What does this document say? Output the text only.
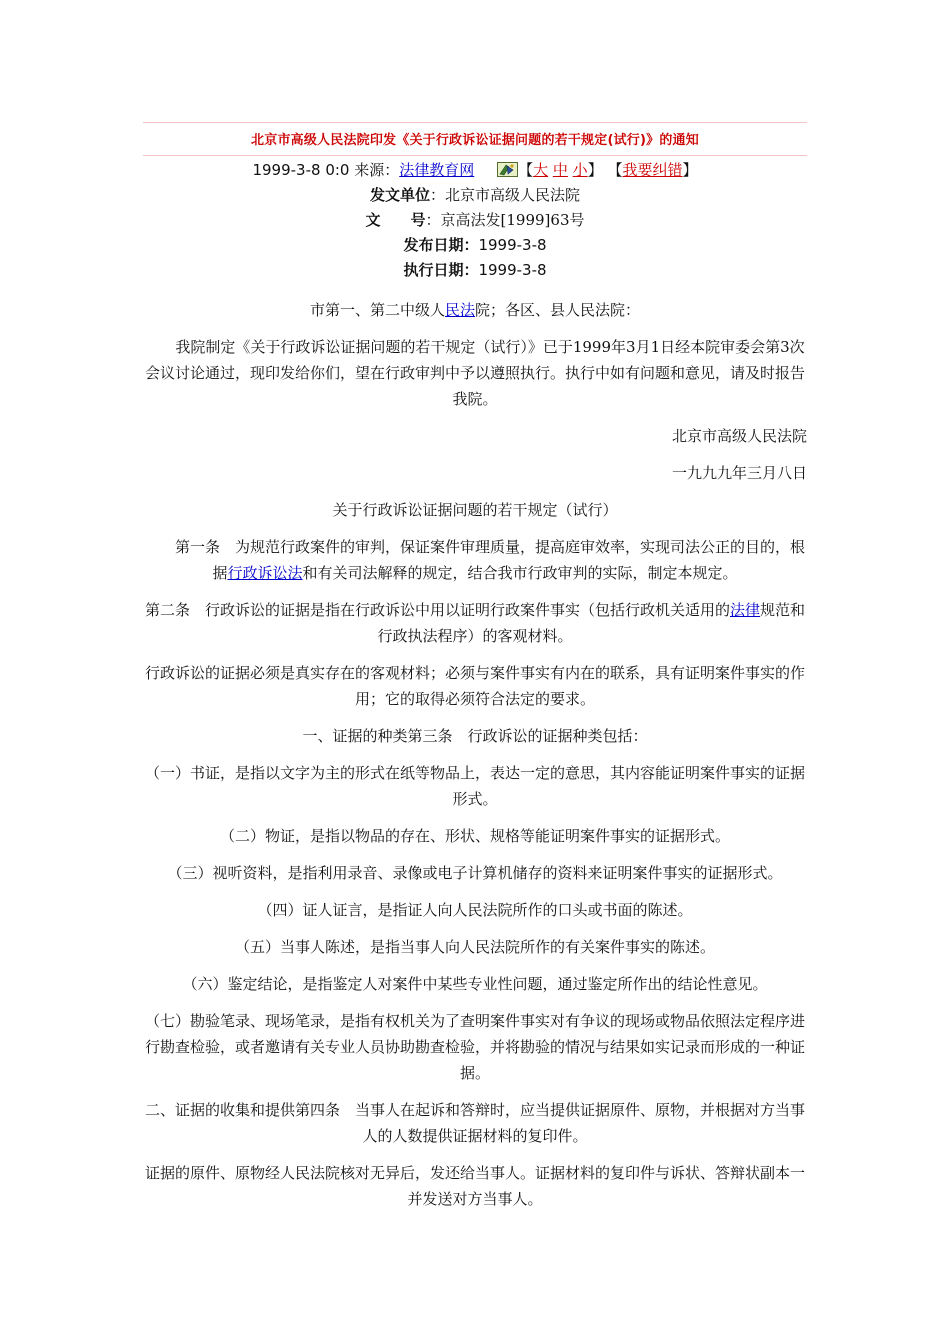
北京市高级人民法院印发《关于行政诉讼证据问题的若干规定(试行)》的通知
1999-3-8 0:0 来源：法律教育网	【大 中 小】 【我要纠错】
发文单位：北京市高级人民法院
文　　号：京高法发[1999]63号
发布日期：1999-3-8
执行日期：1999-3-8

市第一、第二中级人民法院；各区、县人民法院：

我院制定《关于行政诉讼证据问题的若干规定（试行）》已于1999年3月1日经本院审委会第3次会议讨论通过，现印发给你们，望在行政审判中予以遵照执行。执行中如有问题和意见，请及时报告我院。

北京市高级人民法院

一九九九年三月八日

关于行政诉讼证据问题的若干规定（试行）

第一条　为规范行政案件的审判，保证案件审理质量，提高庭审效率，实现司法公正的目的，根据行政诉讼法和有关司法解释的规定，结合我市行政审判的实际，制定本规定。

第二条　行政诉讼的证据是指在行政诉讼中用以证明行政案件事实（包括行政机关适用的法律规范和行政执法程序）的客观材料。

行政诉讼的证据必须是真实存在的客观材料；必须与案件事实有内在的联系，具有证明案件事实的作用；它的取得必须符合法定的要求。

一、证据的种类第三条　行政诉讼的证据种类包括：

（一）书证，是指以文字为主的形式在纸等物品上，表达一定的意思，其内容能证明案件事实的证据形式。

（二）物证，是指以物品的存在、形状、规格等能证明案件事实的证据形式。

（三）视听资料，是指利用录音、录像或电子计算机储存的资料来证明案件事实的证据形式。

（四）证人证言，是指证人向人民法院所作的口头或书面的陈述。

（五）当事人陈述，是指当事人向人民法院所作的有关案件事实的陈述。

（六）鉴定结论，是指鉴定人对案件中某些专业性问题，通过鉴定所作出的结论性意见。

（七）勘验笔录、现场笔录，是指有权机关为了查明案件事实对有争议的现场或物品依照法定程序进行勘查检验，或者邀请有关专业人员协助勘查检验，并将勘验的情况与结果如实记录而形成的一种证据。

二、证据的收集和提供第四条　当事人在起诉和答辩时，应当提供证据原件、原物，并根据对方当事人的人数提供证据材料的复印件。

证据的原件、原物经人民法院核对无异后，发还给当事人。证据材料的复印件与诉状、答辩状副本一并发送对方当事人。
